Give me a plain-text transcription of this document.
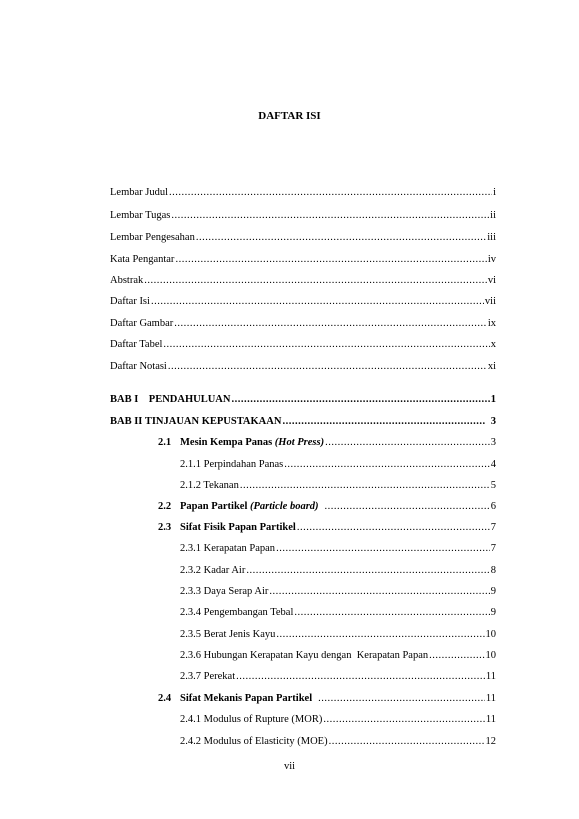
DAFTAR ISI
Lembar Judul .....	i
Lembar Tugas .....	ii
Lembar Pengesahan .....	iii
Kata Pengantar .....	iv
Abstrak .....	vi
Daftar Isi .....	vii
Daftar Gambar .....	ix
Daftar Tabel .....	x
Daftar Notasi .....	xi
BAB I    PENDAHULUAN .....	1
BAB II TINJAUAN KEPUSTAKAAN .....	3
2.1 Mesin Kempa Panas (Hot Press) .....	3
2.1.1 Perpindahan Panas .....	4
2.1.2 Tekanan .....	5
2.2 Papan Partikel (Particle board) .....	6
2.3 Sifat Fisik Papan Partikel .....	7
2.3.1 Kerapatan Papan .....	7
2.3.2 Kadar Air .....	8
2.3.3 Daya Serap Air .....	9
2.3.4 Pengembangan Tebal .....	9
2.3.5 Berat Jenis Kayu .....	10
2.3.6 Hubungan Kerapatan Kayu dengan  Kerapatan Papan .....	10
2.3.7 Perekat .....	11
2.4 Sifat Mekanis Papan Partikel .....	11
2.4.1 Modulus of Rupture (MOR) .....	11
2.4.2 Modulus of Elasticity (MOE) .....	12
vii
